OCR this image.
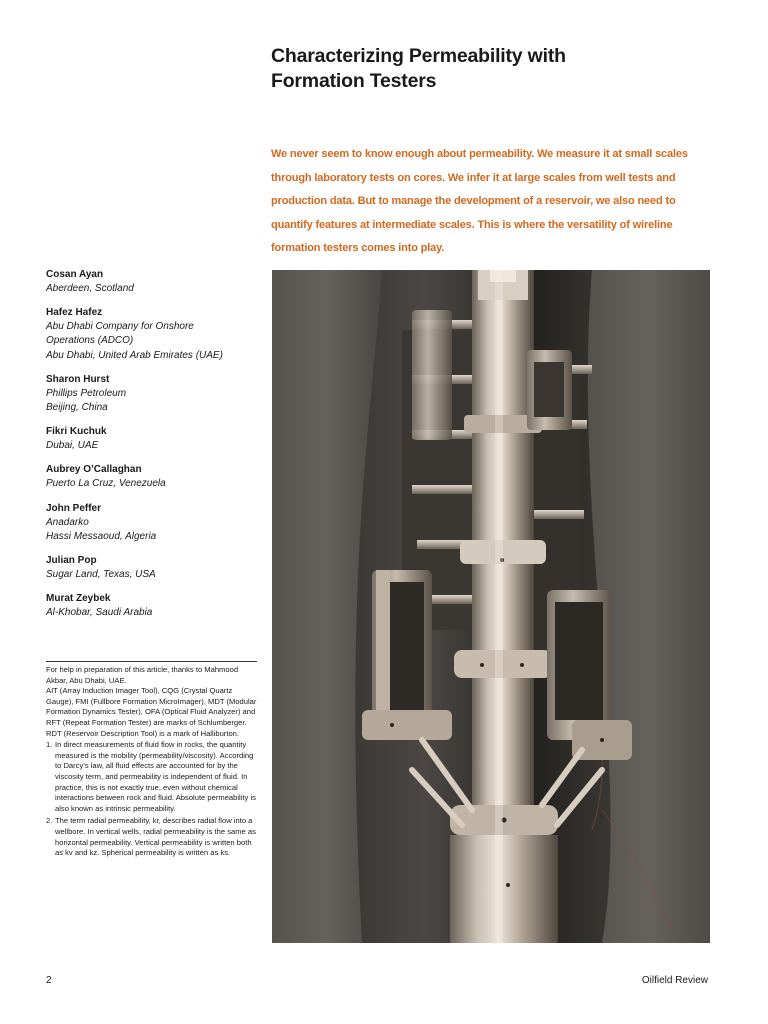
Characterizing Permeability with
Formation Testers

We never seem to know enough about permeability. We measure it at small scales through laboratory tests on cores. We infer it at large scales from well tests and production data. But to manage the development of a reservoir, we also need to quantify features at intermediate scales. This is where the versatility of wireline formation testers comes into play.

Cosan Ayan
Aberdeen, Scotland
Hafez Hafez
Abu Dhabi Company for Onshore
Operations (ADCO)
Abu Dhabi, United Arab Emirates (UAE)
Sharon Hurst
Phillips Petroleum
Beijing, China
Fikri Kuchuk
Dubai, UAE
Aubrey O’Callaghan
Puerto La Cruz, Venezuela
John Peffer
Anadarko
Hassi Messaoud, Algeria
Julian Pop
Sugar Land, Texas, USA
Murat Zeybek
Al-Khobar, Saudi Arabia

For help in preparation of this article, thanks to Mahmood Akbar, Abu Dhabi, UAE.

AIT (Array Induction Imager Tool), CQG (Crystal Quartz Gauge), FMI (Fullbore Formation MicroImager), MDT (Modular Formation Dynamics Tester), OFA (Optical Fluid Analyzer) and RFT (Repeat Formation Tester) are marks of Schlumberger. RDT (Reservoir Description Tool) is a mark of Halliburton.

1. In direct measurements of fluid flow in rocks, the quantity measured is the mobility (permeability/viscosity). According to Darcy’s law, all fluid effects are accounted for by the viscosity term, and permeability is independent of fluid. In practice, this is not exactly true, even without chemical interactions between rock and fluid. Absolute permeability is also known as intrinsic permeability.
2. The term radial permeability, kr, describes radial flow into a wellbore. In vertical wells, radial permeability is the same as horizontal permeability. Vertical permeability is written both as kv and kz. Spherical permeability is written as ks.
2	Oilfield Review
